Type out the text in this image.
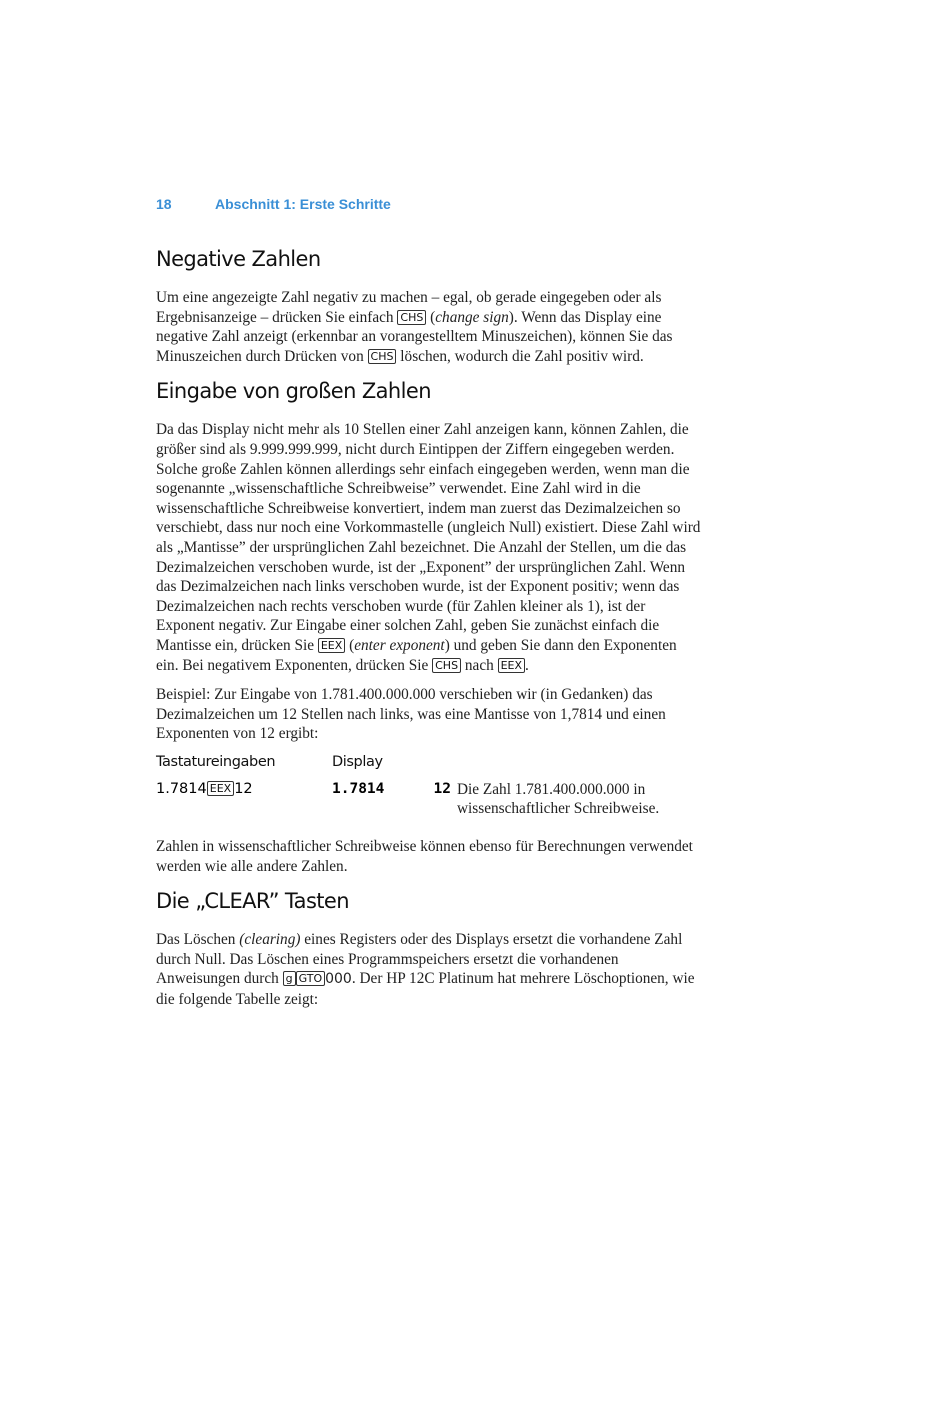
18	Abschnitt 1: Erste Schritte
Negative Zahlen

Um eine angezeigte Zahl negativ zu machen – egal, ob gerade eingegeben oder als Ergebnisanzeige – drücken Sie einfach CHS (change sign). Wenn das Display eine negative Zahl anzeigt (erkennbar an vorangestelltem Minuszeichen), können Sie das Minuszeichen durch Drücken von CHS löschen, wodurch die Zahl positiv wird.

Eingabe von großen Zahlen

Da das Display nicht mehr als 10 Stellen einer Zahl anzeigen kann, können Zahlen, die größer sind als 9.999.999.999, nicht durch Eintippen der Ziffern eingegeben werden. Solche große Zahlen können allerdings sehr einfach eingegeben werden, wenn man die sogenannte „wissenschaftliche Schreibweise” verwendet. Eine Zahl wird in die wissenschaftliche Schreibweise konvertiert, indem man zuerst das Dezimalzeichen so verschiebt, dass nur noch eine Vorkommastelle (ungleich Null) existiert. Diese Zahl wird als „Mantisse” der ursprünglichen Zahl bezeichnet. Die Anzahl der Stellen, um die das Dezimalzeichen verschoben wurde, ist der „Exponent” der ursprünglichen Zahl. Wenn das Dezimalzeichen nach links verschoben wurde, ist der Exponent positiv; wenn das Dezimalzeichen nach rechts verschoben wurde (für Zahlen kleiner als 1), ist der Exponent negativ. Zur Eingabe einer solchen Zahl, geben Sie zunächst einfach die Mantisse ein, drücken Sie EEX (enter exponent) und geben Sie dann den Exponenten ein. Bei negativem Exponenten, drücken Sie CHS nach EEX .

Beispiel: Zur Eingabe von 1.781.400.000.000 verschieben wir (in Gedanken) das Dezimalzeichen um 12 Stellen nach links, was eine Mantisse von 1,7814 und einen Exponenten von 12 ergibt:

Tastatureingaben	Display
1.7814 EEX 12	1.7814	12 Die Zahl 1.781.400.000.000 in wissenschaftlicher Schreibweise.

Zahlen in wissenschaftlicher Schreibweise können ebenso für Berechnungen verwendet werden wie alle andere Zahlen.

Die „CLEAR” Tasten

Das Löschen (clearing) eines Registers oder des Displays ersetzt die vorhandene Zahl durch Null. Das Löschen eines Programmspeichers ersetzt die vorhandenen Anweisungen durch g GTO 000. Der HP 12C Platinum hat mehrere Löschoptionen, wie die folgende Tabelle zeigt:
